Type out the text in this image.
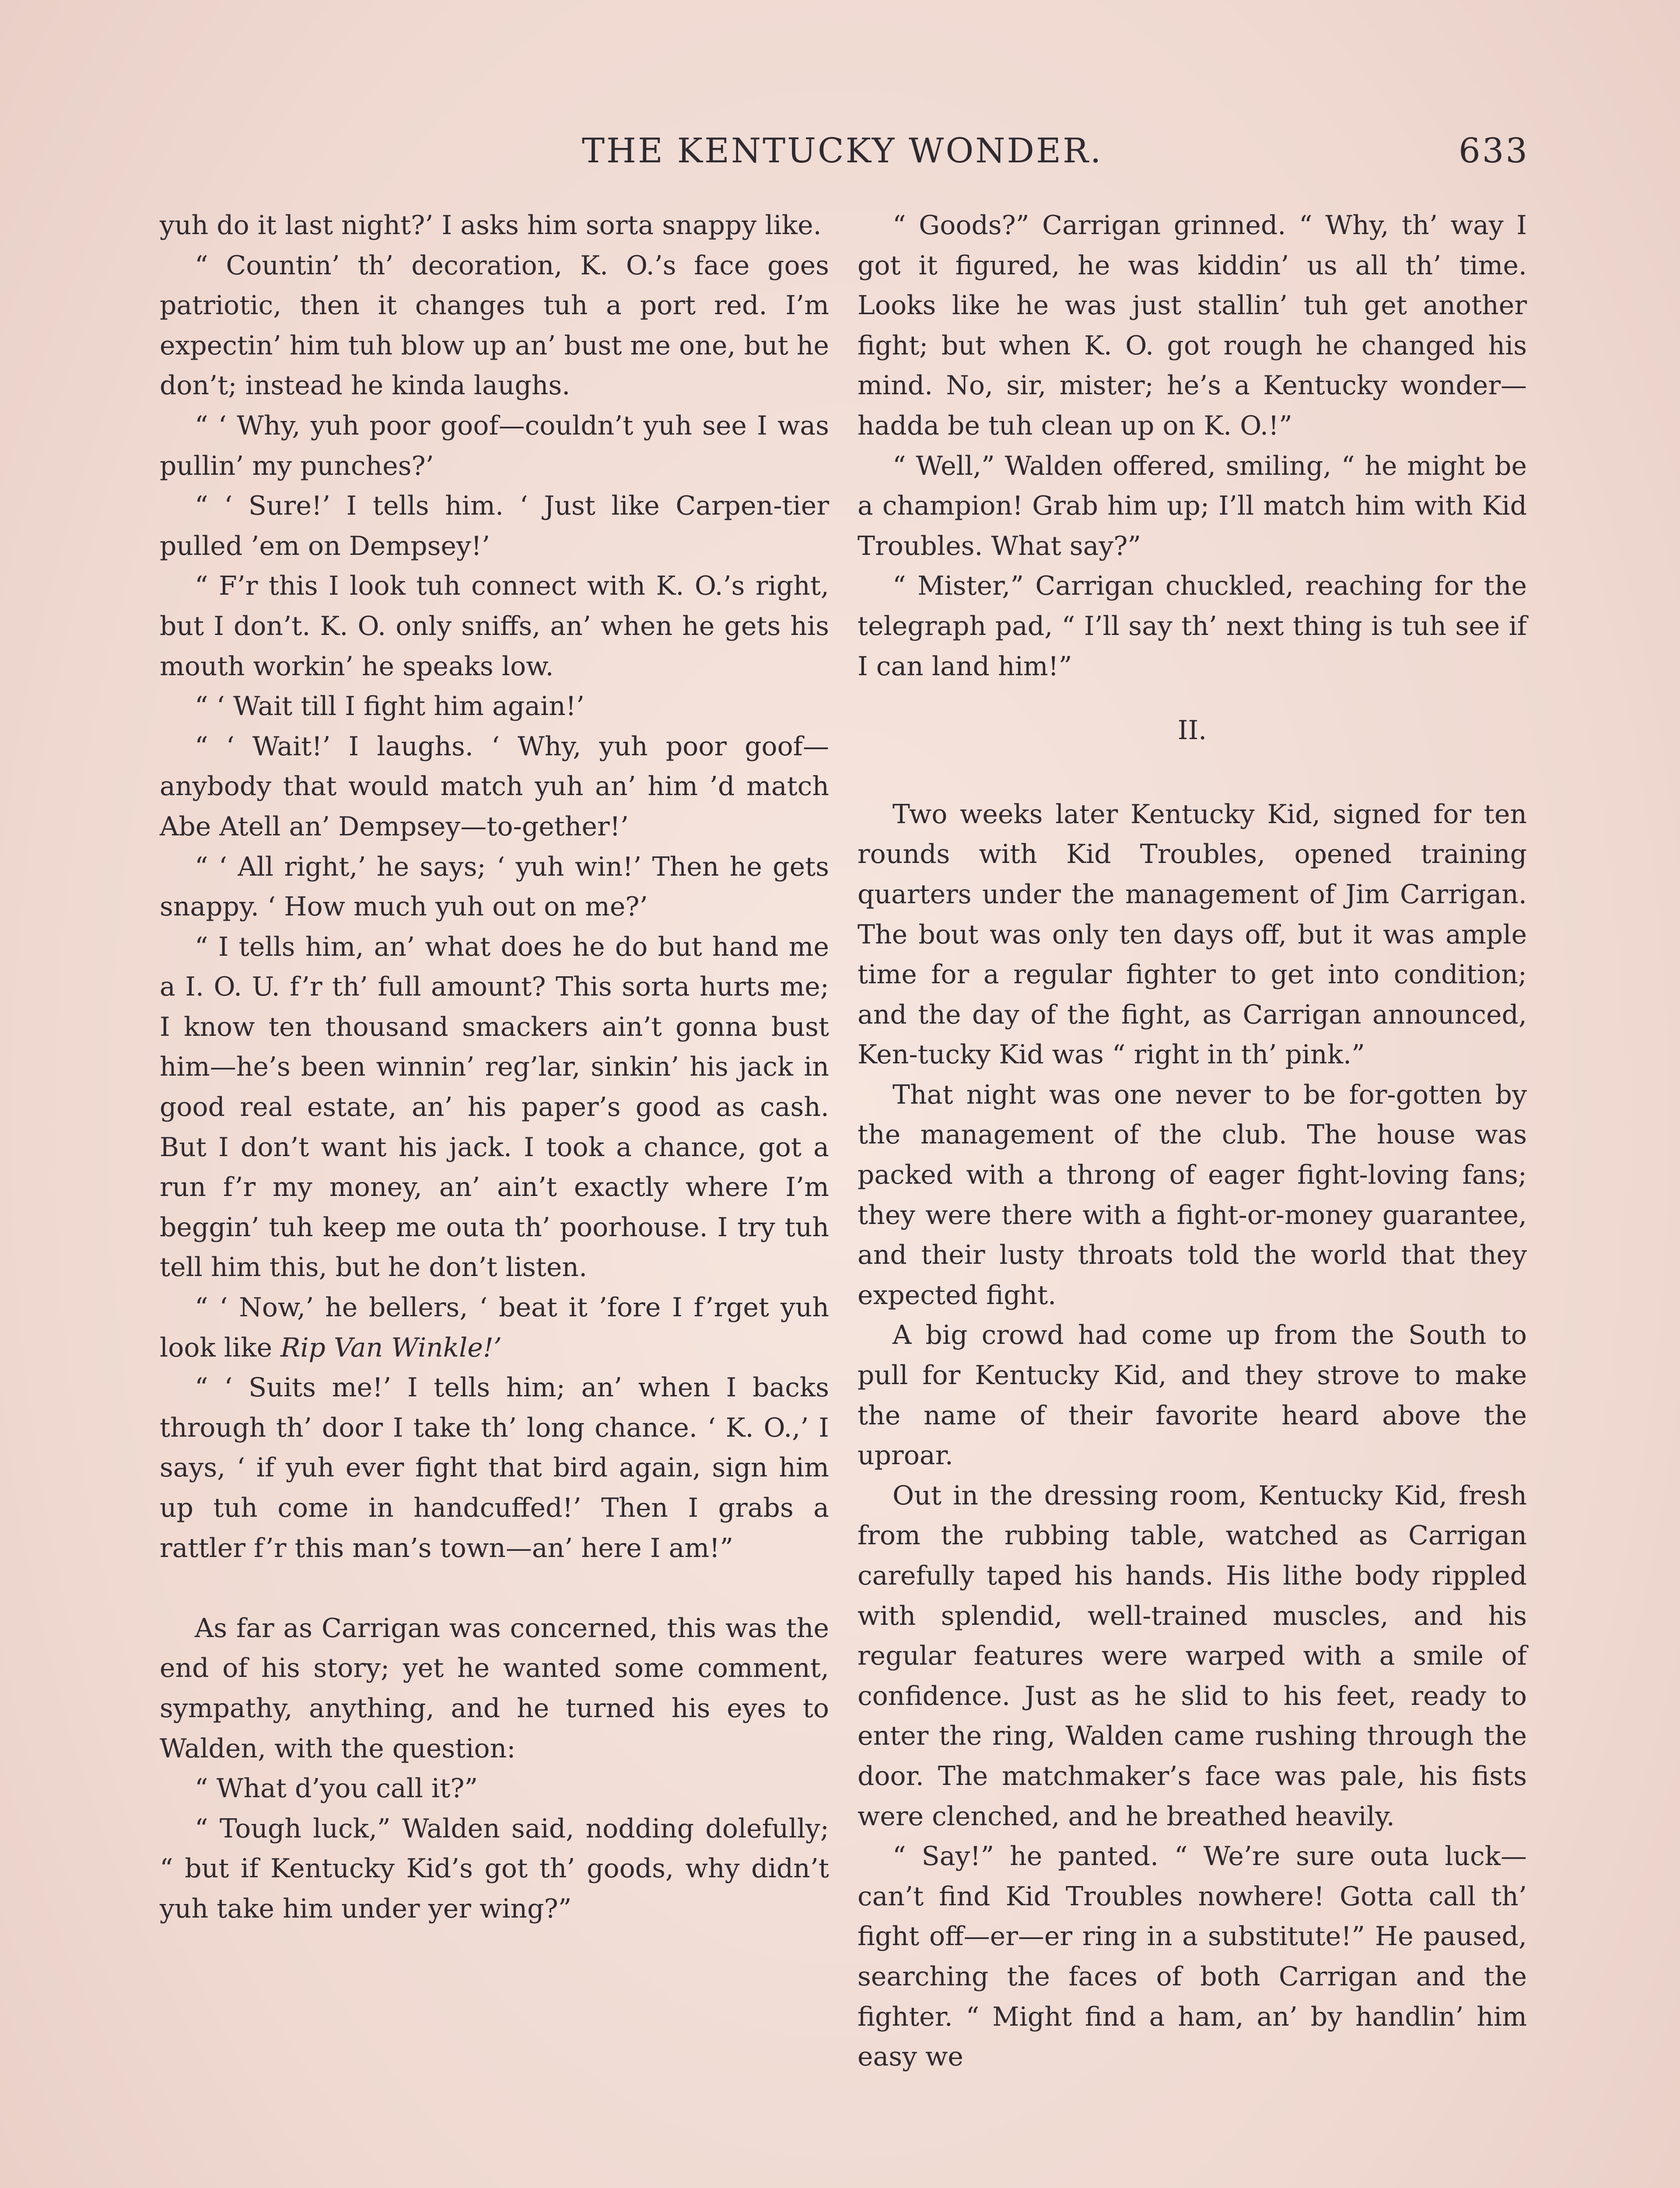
THE KENTUCKY WONDER.	633

yuh do it last night?’ I asks him sorta snappy like.

“ Countin’ th’ decoration, K. O.’s face goes patriotic, then it changes tuh a port red. I’m expectin’ him tuh blow up an’ bust me one, but he don’t; instead he kinda laughs.

“ ‘ Why, yuh poor goof—couldn’t yuh see I was pullin’ my punches?’

“ ‘ Sure!’ I tells him. ‘ Just like Carpen-tier pulled ’em on Dempsey!’

“ F’r this I look tuh connect with K. O.’s right, but I don’t. K. O. only sniffs, an’ when he gets his mouth workin’ he speaks low.

“ ‘ Wait till I fight him again!’

“ ‘ Wait!’ I laughs. ‘ Why, yuh poor goof—anybody that would match yuh an’ him ’d match Abe Atell an’ Dempsey—to-gether!’

“ ‘ All right,’ he says; ‘ yuh win!’ Then he gets snappy. ‘ How much yuh out on me?’

“ I tells him, an’ what does he do but hand me a I. O. U. f’r th’ full amount? This sorta hurts me; I know ten thousand smackers ain’t gonna bust him—he’s been winnin’ reg’lar, sinkin’ his jack in good real estate, an’ his paper’s good as cash. But I don’t want his jack. I took a chance, got a run f’r my money, an’ ain’t exactly where I’m beggin’ tuh keep me outa th’ poorhouse. I try tuh tell him this, but he don’t listen.

“ ‘ Now,’ he bellers, ‘ beat it ’fore I f’rget yuh look like Rip Van Winkle!’

“ ‘ Suits me!’ I tells him; an’ when I backs through th’ door I take th’ long chance. ‘ K. O.,’ I says, ‘ if yuh ever fight that bird again, sign him up tuh come in handcuffed!’ Then I grabs a rattler f’r this man’s town—an’ here I am!”

As far as Carrigan was concerned, this was the end of his story; yet he wanted some comment, sympathy, anything, and he turned his eyes to Walden, with the question:

“ What d’you call it?”

“ Tough luck,” Walden said, nodding dolefully; “ but if Kentucky Kid’s got th’ goods, why didn’t yuh take him under yer wing?”

“ Goods?” Carrigan grinned. “ Why, th’ way I got it figured, he was kiddin’ us all th’ time. Looks like he was just stallin’ tuh get another fight; but when K. O. got rough he changed his mind. No, sir, mister; he’s a Kentucky wonder—hadda be tuh clean up on K. O.!”

“ Well,” Walden offered, smiling, “ he might be a champion! Grab him up; I’ll match him with Kid Troubles. What say?”

“ Mister,” Carrigan chuckled, reaching for the telegraph pad, “ I’ll say th’ next thing is tuh see if I can land him!”

II.

Two weeks later Kentucky Kid, signed for ten rounds with Kid Troubles, opened training quarters under the management of Jim Carrigan. The bout was only ten days off, but it was ample time for a regular fighter to get into condition; and the day of the fight, as Carrigan announced, Ken-tucky Kid was “ right in th’ pink.”

That night was one never to be for-gotten by the management of the club. The house was packed with a throng of eager fight-loving fans; they were there with a fight-or-money guarantee, and their lusty throats told the world that they expected fight.

A big crowd had come up from the South to pull for Kentucky Kid, and they strove to make the name of their favorite heard above the uproar.

Out in the dressing room, Kentucky Kid, fresh from the rubbing table, watched as Carrigan carefully taped his hands. His lithe body rippled with splendid, well-trained muscles, and his regular features were warped with a smile of confidence. Just as he slid to his feet, ready to enter the ring, Walden came rushing through the door. The matchmaker’s face was pale, his fists were clenched, and he breathed heavily.

“ Say!” he panted. “ We’re sure outa luck—can’t find Kid Troubles nowhere! Gotta call th’ fight off—er—er ring in a substitute!” He paused, searching the faces of both Carrigan and the fighter. “ Might find a ham, an’ by handlin’ him easy we
